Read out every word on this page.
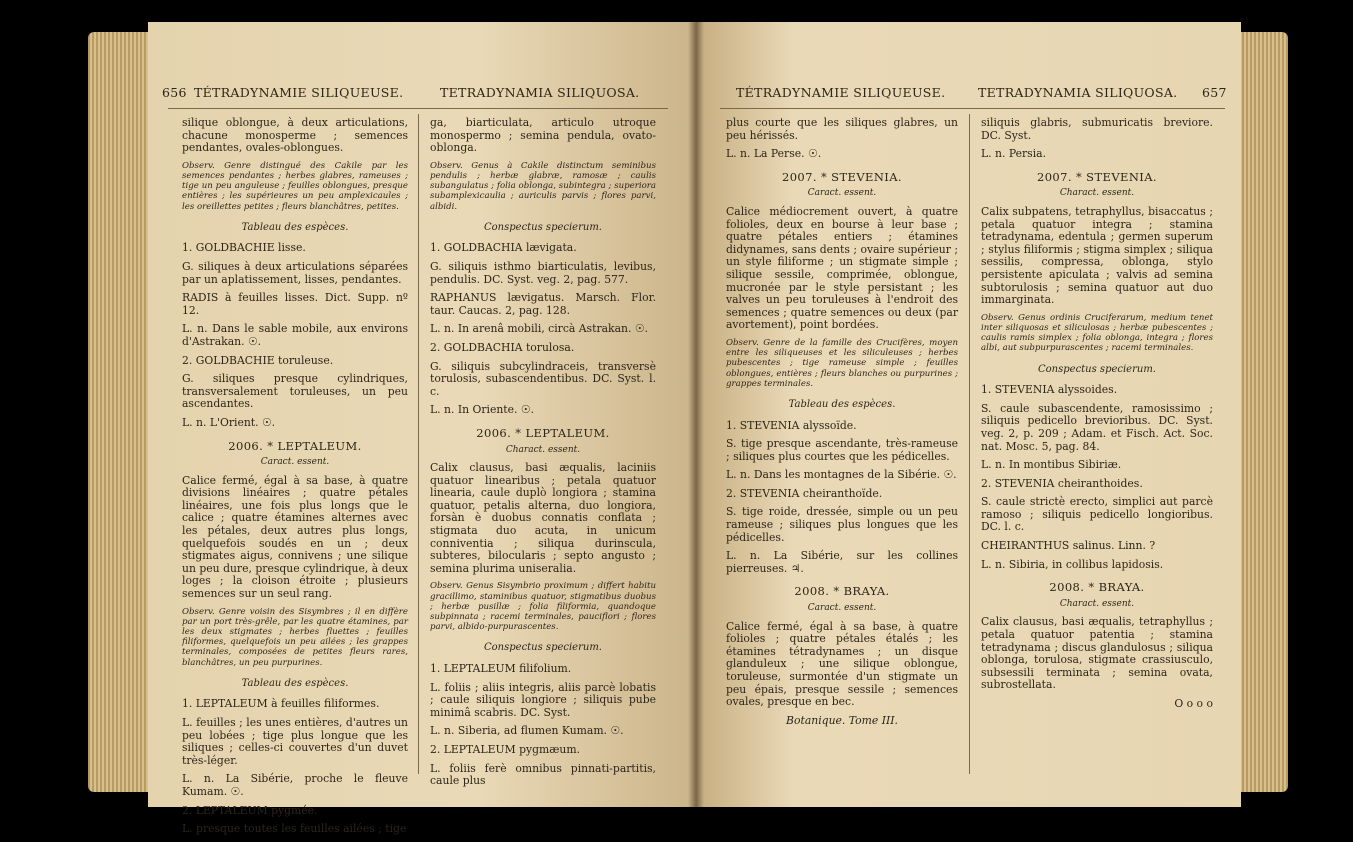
656 TÉTRADYNAMIE SILIQUEUSE.	TETRADYNAMIA SILIQUOSA.

silique oblongue, à deux articulations, chacune monosperme ; semences pendantes, ovales-oblongues.

Observ. Genre distingué des Cakile par les semences pendantes ; herbes glabres, rameuses ; tige un peu anguleuse ; feuilles oblongues, presque entières ; les supérieures un peu amplexicaules ; les oreillettes petites ; fleurs blanchâtres, petites.

Tableau des espèces.

1. GOLDBACHIE lisse.

G. siliques à deux articulations séparées par un aplatissement, lisses, pendantes.

RADIS à feuilles lisses. Dict. Supp. nº 12.

L. n. Dans le sable mobile, aux environs d'Astrakan. ☉.

2. GOLDBACHIE toruleuse.

G. siliques presque cylindriques, transversalement toruleuses, un peu ascendantes.

L. n. L'Orient. ☉.

2006. * LEPTALEUM.
Caract. essent.

Calice fermé, égal à sa base, à quatre divisions linéaires ; quatre pétales linéaires, une fois plus longs que le calice ; quatre étamines alternes avec les pétales, deux autres plus longs, quelquefois soudés en un ; deux stigmates aigus, connivens ; une silique un peu dure, presque cylindrique, à deux loges ; la cloison étroite ; plusieurs semences sur un seul rang.

Observ. Genre voisin des Sisymbres ; il en diffère par un port très-grêle, par les quatre étamines, par les deux stigmates ; herbes fluettes ; feuilles filiformes, quelquefois un peu ailées ; les grappes terminales, composées de petites fleurs rares, blanchâtres, un peu purpurines.

Tableau des espèces.

1. LEPTALEUM à feuilles filiformes.

L. feuilles ; les unes entières, d'autres un peu lobées ; tige plus longue que les siliques ; celles-ci couvertes d'un duvet très-léger.

L. n. La Sibérie, proche le fleuve Kumam. ☉.

2. LEPTALEUM pygmée.

L. presque toutes les feuilles ailées ; tige

ga, biarticulata, articulo utroque monospermo ; semina pendula, ovato-oblonga.

Observ. Genus à Cakile distinctum seminibus pendulis ; herbæ glabræ, ramosæ ; caulis subangulatus ; folia oblonga, subintegra ; superiora subamplexicaulia ; auriculis parvis ; flores parvi, albidi.

Conspectus specierum.

1. GOLDBACHIA lævigata.

G. siliquis isthmo biarticulatis, levibus, pendulis. DC. Syst. veg. 2, pag. 577.

RAPHANUS lævigatus. Marsch. Flor. taur. Caucas. 2, pag. 128.

L. n. In arenâ mobili, circà Astrakan. ☉.

2. GOLDBACHIA torulosa.

G. siliquis subcylindraceis, transversè torulosis, subascendentibus. DC. Syst. l. c.

L. n. In Oriente. ☉.

2006. * LEPTALEUM.
Charact. essent.

Calix clausus, basi æqualis, laciniis quatuor linearibus ; petala quatuor linearia, caule duplò longiora ; stamina quatuor, petalis alterna, duo longiora, forsàn è duobus connatis conflata ; stigmata duo acuta, in unicum conniventia ; siliqua durinscula, subteres, bilocularis ; septo angusto ; semina plurima uniseralia.

Observ. Genus Sisymbrio proximum ; differt habitu gracillimo, staminibus quatuor, stigmatibus duobus ; herbæ pusillæ ; folia filiformia, quandoque subpinnata ; racemi terminales, pauciflori ; flores parvi, albido-purpurascentes.

Conspectus specierum.

1. LEPTALEUM filifolium.

L. foliis ; aliis integris, aliis parcè lobatis ; caule siliquis longiore ; siliquis pube minimâ scabris. DC. Syst.

L. n. Siberia, ad flumen Kumam. ☉.

2. LEPTALEUM pygmæum.

L. foliis ferè omnibus pinnati-partitis, caule plus

TÉTRADYNAMIE SILIQUEUSE.	TETRADYNAMIA SILIQUOSA. 657

plus courte que les siliques glabres, un peu hérissés.

L. n. La Perse. ☉.

2007. * STEVENIA.
Caract. essent.

Calice médiocrement ouvert, à quatre folioles, deux en bourse à leur base ; quatre pétales entiers ; étamines didynames, sans dents ; ovaire supérieur ; un style filiforme ; un stigmate simple ; silique sessile, comprimée, oblongue, mucronée par le style persistant ; les valves un peu toruleuses à l'endroit des semences ; quatre semences ou deux (par avortement), point bordées.

Observ. Genre de la famille des Crucifères, moyen entre les siliqueuses et les siliculeuses ; herbes pubescentes ; tige rameuse simple ; feuilles oblongues, entières ; fleurs blanches ou purpurines ; grappes terminales.

Tableau des espèces.

1. STEVENIA alyssoïde.

S. tige presque ascendante, très-rameuse ; siliques plus courtes que les pédicelles.

L. n. Dans les montagnes de la Sibérie. ☉.

2. STEVENIA cheiranthoïde.

S. tige roide, dressée, simple ou un peu rameuse ; siliques plus longues que les pédicelles.

L. n. La Sibérie, sur les collines pierreuses. ♃.

2008. * BRAYA.
Caract. essent.

Calice fermé, égal à sa base, à quatre folioles ; quatre pétales étalés ; les étamines tétradynames ; un disque glanduleux ; une silique oblongue, toruleuse, surmontée d'un stigmate un peu épais, presque sessile ; semences ovales, presque en bec.

Botanique. Tome III.

siliquis glabris, submuricatis breviore. DC. Syst.

L. n. Persia.

2007. * STEVENIA.
Charact. essent.

Calix subpatens, tetraphyllus, bisaccatus ; petala quatuor integra ; stamina tetradynama, edentula ; germen superum ; stylus filiformis ; stigma simplex ; siliqua sessilis, compressa, oblonga, stylo persistente apiculata ; valvis ad semina subtorulosis ; semina quatuor aut duo immarginata.

Observ. Genus ordinis Cruciferarum, medium tenet inter siliquosas et siliculosas ; herbæ pubescentes ; caulis ramis simplex ; folia oblonga, integra ; flores albi, aut subpurpurascentes ; racemi terminales.

Conspectus specierum.

1. STEVENIA alyssoides.

S. caule subascendente, ramosissimo ; siliquis pedicello brevioribus. DC. Syst. veg. 2, p. 209 ; Adam. et Fisch. Act. Soc. nat. Mosc. 5, pag. 84.

L. n. In montibus Sibiriæ.

2. STEVENIA cheiranthoides.

S. caule strictè erecto, simplici aut parcè ramoso ; siliquis pedicello longioribus. DC. l. c.

CHEIRANTHUS salinus. Linn. ?

L. n. Sibiria, in collibus lapidosis.

2008. * BRAYA.
Charact. essent.

Calix clausus, basi æqualis, tetraphyllus ; petala quatuor patentia ; stamina tetradynama ; discus glandulosus ; siliqua oblonga, torulosa, stigmate crassiusculo, subsessili terminata ; semina ovata, subrostellata.

O o o o
